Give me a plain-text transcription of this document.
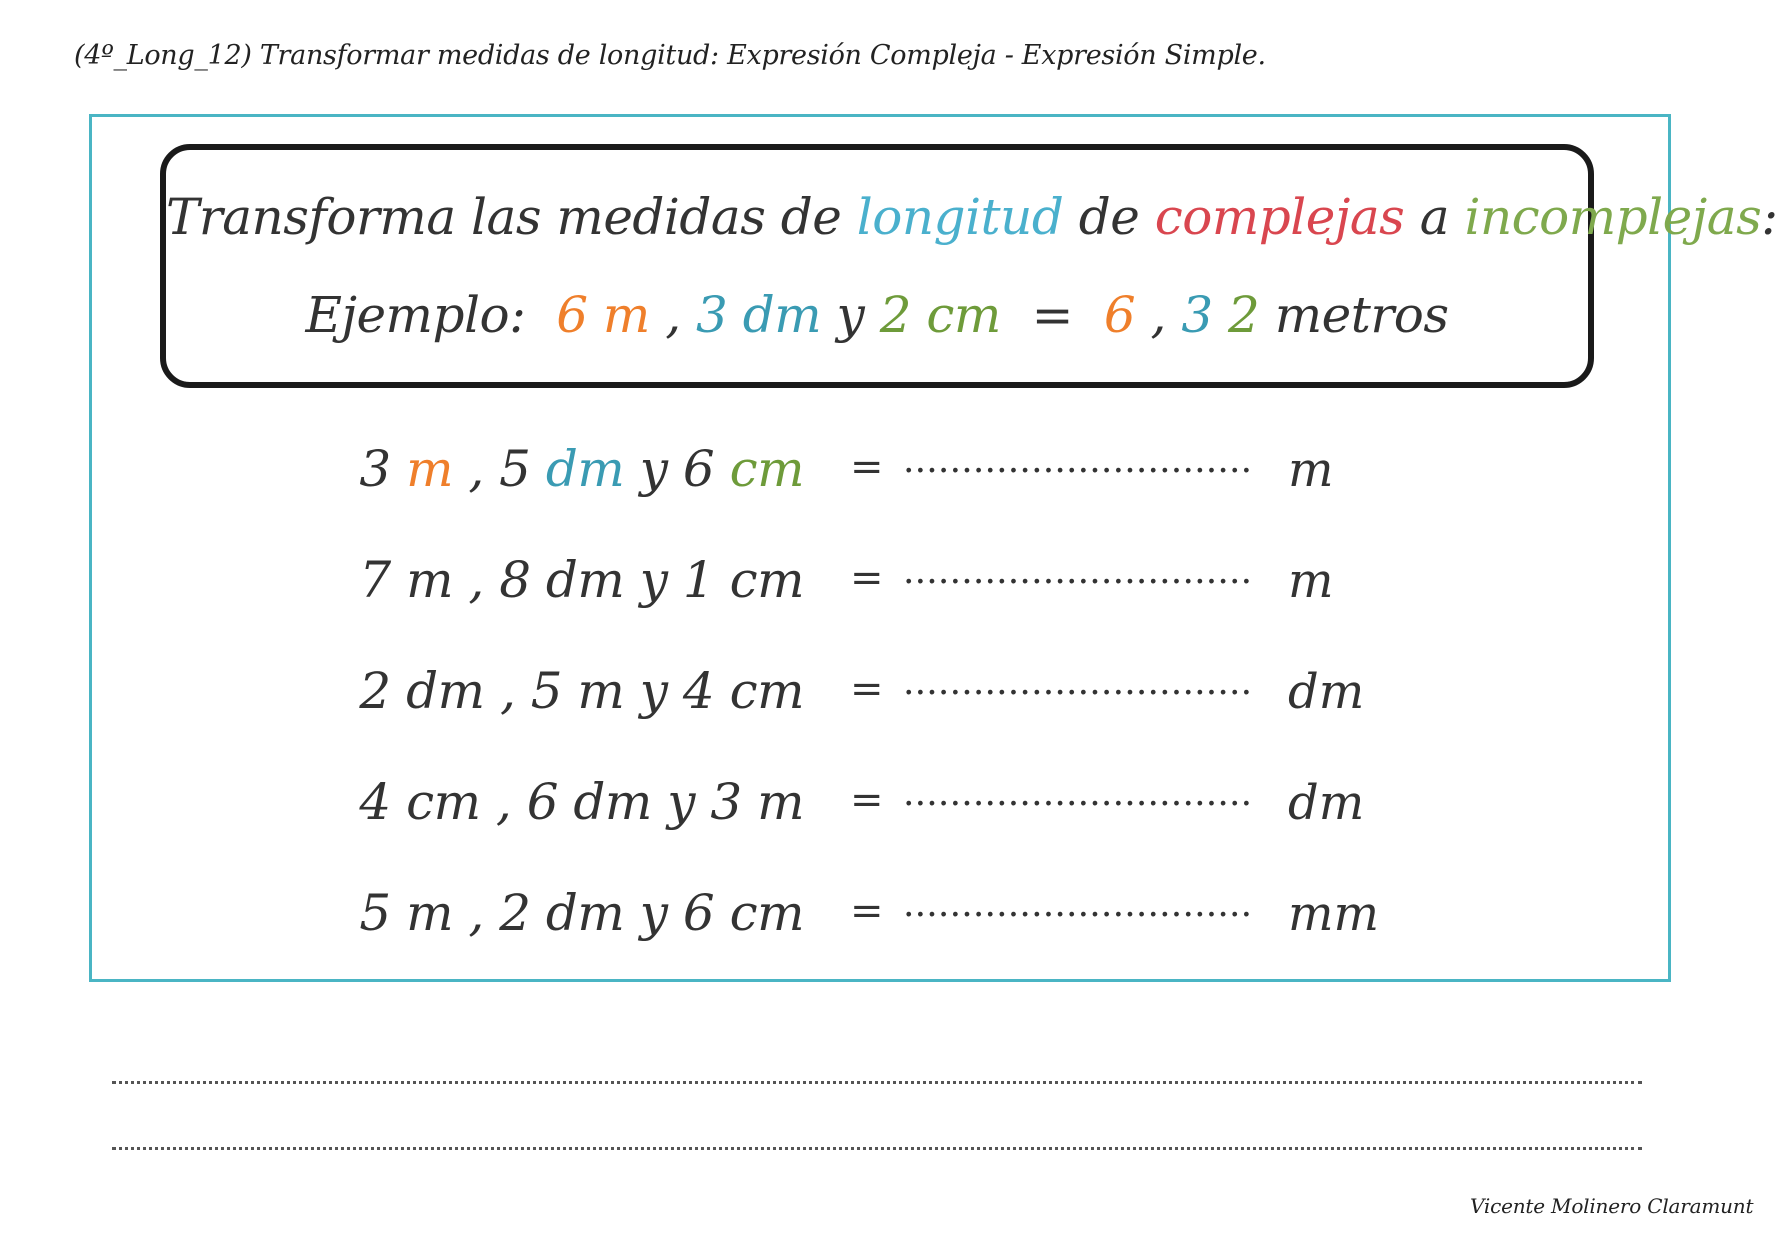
(4º_Long_12) Transformar medidas de longitud: Expresión Compleja - Expresión Simple.
Transforma las medidas de longitud de complejas a incomplejas:
Ejemplo: 6 m , 3 dm y 2 cm = 6 , 3 2 metros
3 m , 5 dm y 6 cm = .............................. m
7 m , 8 dm y 1 cm = .............................. m
2 dm , 5 m y 4 cm = .............................. dm
4 cm , 6 dm y 3 m = .............................. dm
5 m , 2 dm y 6 cm = .............................. mm
Vicente Molinero Claramunt
